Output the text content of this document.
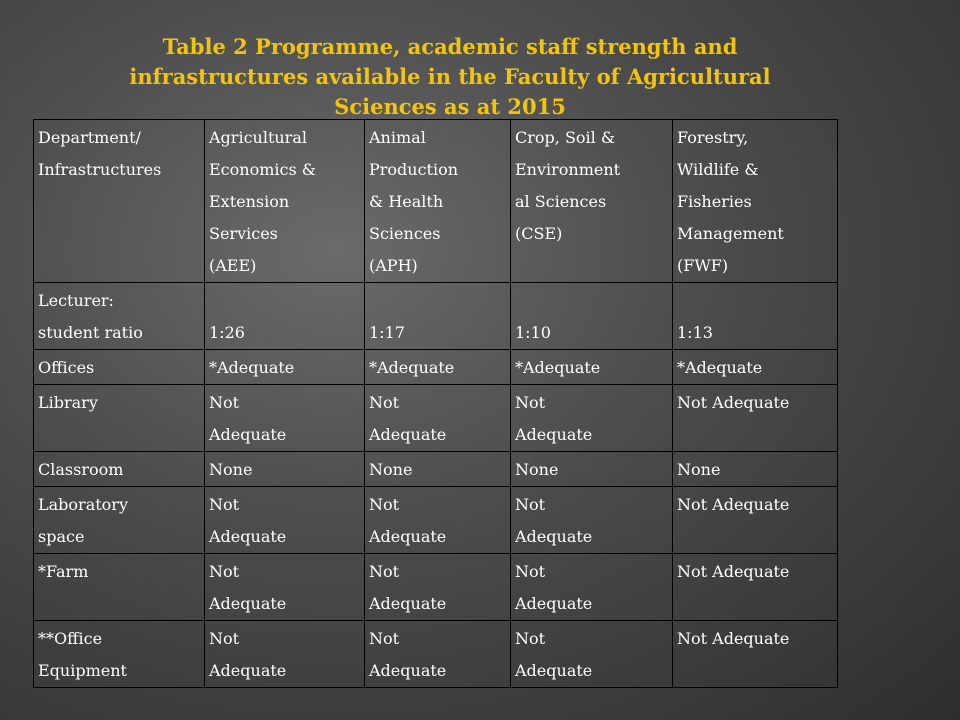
Table 2 Programme, academic staff strength and
infrastructures available in the Faculty of Agricultural
Sciences as at 2015
Department/
Infrastructures	Agricultural
Economics &
Extension
Services
(AEE)	Animal
Production
& Health
Sciences
(APH)	Crop, Soil &
Environment
al Sciences
(CSE)	Forestry,
Wildlife &
Fisheries
Management
(FWF)

Lecturer:
student ratio	1:26	1:17	1:10	1:13

Offices	*Adequate	*Adequate	*Adequate	*Adequate

Library	Not
Adequate	Not
Adequate	Not
Adequate	Not Adequate

Classroom	None	None	None	None

Laboratory
space	Not
Adequate	Not
Adequate	Not
Adequate	Not Adequate

*Farm	Not
Adequate	Not
Adequate	Not
Adequate	Not Adequate

**Office
Equipment	Not
Adequate	Not
Adequate	Not
Adequate	Not Adequate
